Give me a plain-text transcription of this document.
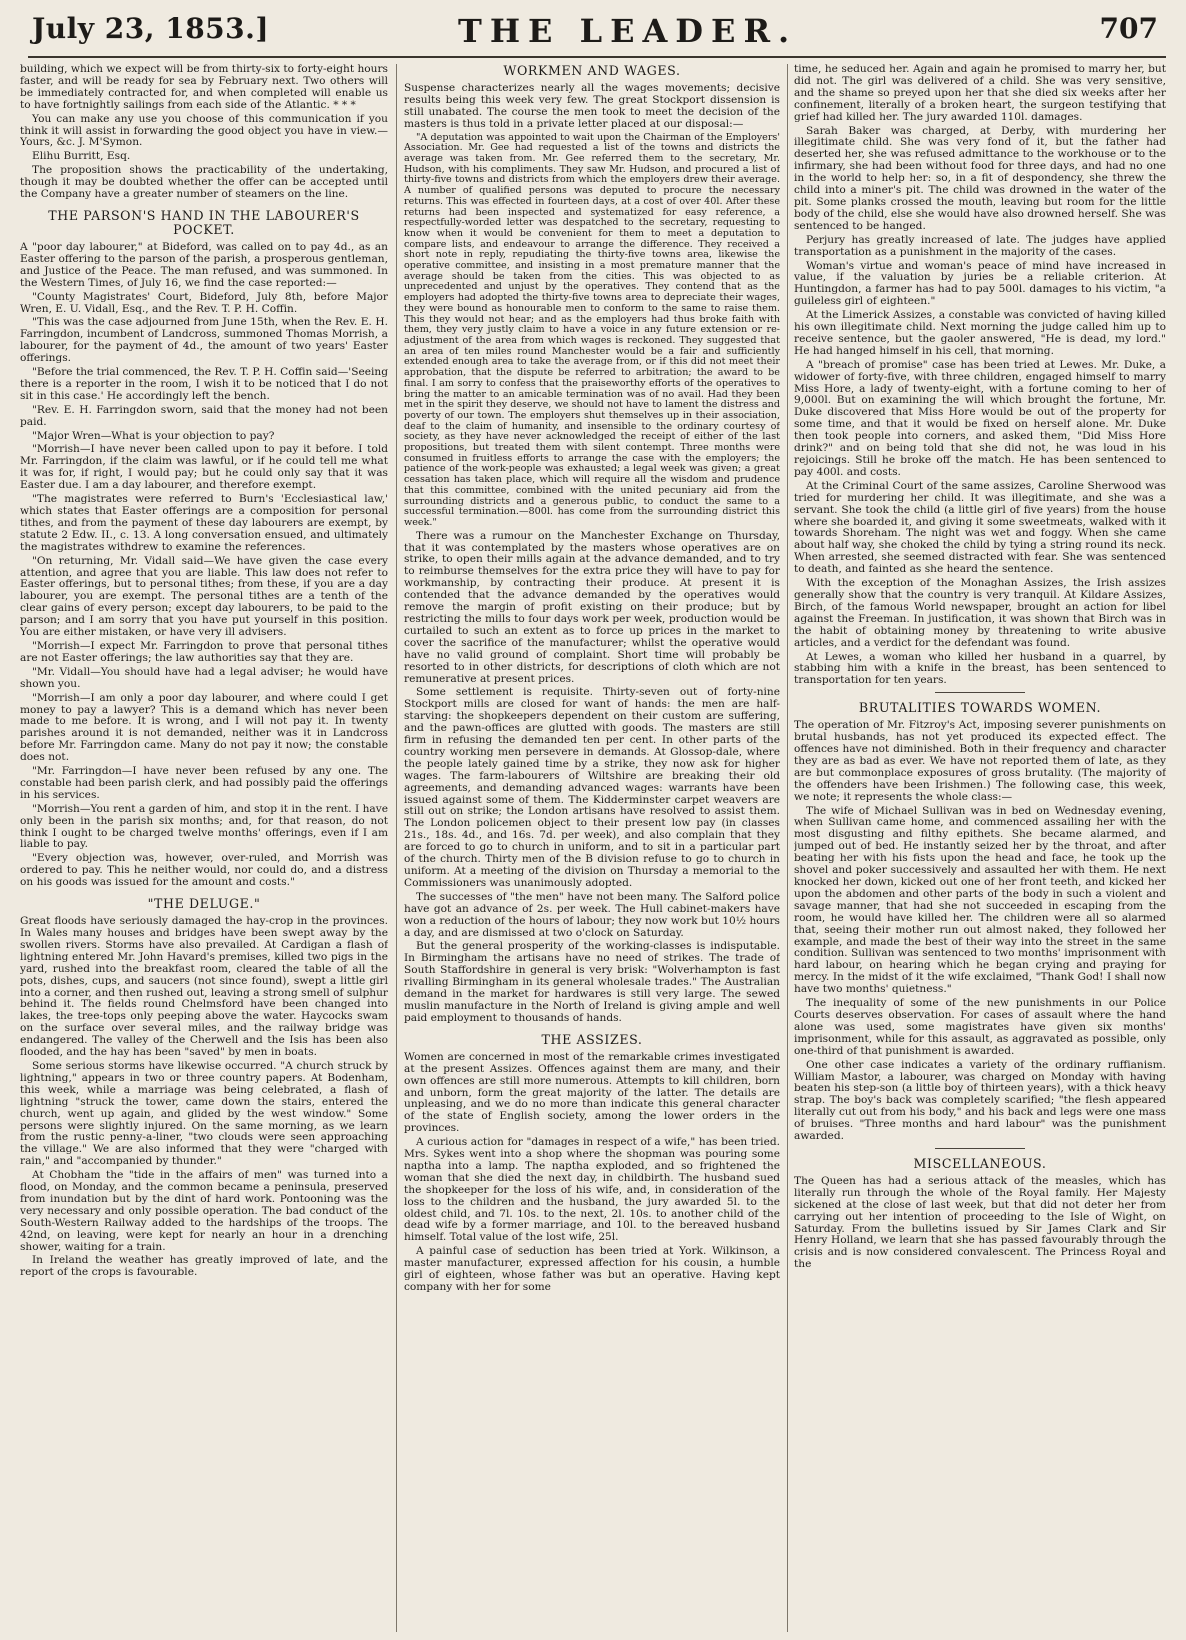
July 23, 1853.]	THE LEADER.	707

building, which we expect will be from thirty-six to forty-eight hours faster, and will be ready for sea by February next. Two others will be immediately contracted for, and when completed will enable us to have fortnightly sailings from each side of the Atlantic. * * *

You can make any use you choose of this communication if you think it will assist in forwarding the good object you have in view.—Yours, &c. J. M'Symon.

Elihu Burritt, Esq.

The proposition shows the practicability of the undertaking, though it may be doubted whether the offer can be accepted until the Company have a greater number of steamers on the line.

THE PARSON'S HAND IN THE LABOURER'S POCKET.

A "poor day labourer," at Bideford, was called on to pay 4d., as an Easter offering to the parson of the parish, a prosperous gentleman, and Justice of the Peace. The man refused, and was summoned. In the Western Times, of July 16, we find the case reported:—

"County Magistrates' Court, Bideford, July 8th, before Major Wren, E. U. Vidall, Esq., and the Rev. T. P. H. Coffin.

"This was the case adjourned from June 15th, when the Rev. E. H. Farringdon, incumbent of Landcross, summoned Thomas Morrish, a labourer, for the payment of 4d., the amount of two years' Easter offerings.

"Before the trial commenced, the Rev. T. P. H. Coffin said—'Seeing there is a reporter in the room, I wish it to be noticed that I do not sit in this case.' He accordingly left the bench.

"Rev. E. H. Farringdon sworn, said that the money had not been paid.

"Major Wren—What is your objection to pay?

"Morrish—I have never been called upon to pay it before. I told Mr. Farringdon, if the claim was lawful, or if he could tell me what it was for, if right, I would pay; but he could only say that it was Easter due. I am a day labourer, and therefore exempt.

"The magistrates were referred to Burn's 'Ecclesiastical law,' which states that Easter offerings are a composition for personal tithes, and from the payment of these day labourers are exempt, by statute 2 Edw. II., c. 13. A long conversation ensued, and ultimately the magistrates withdrew to examine the references.

"On returning, Mr. Vidall said—We have given the case every attention, and agree that you are liable. This law does not refer to Easter offerings, but to personal tithes; from these, if you are a day labourer, you are exempt. The personal tithes are a tenth of the clear gains of every person; except day labourers, to be paid to the parson; and I am sorry that you have put yourself in this position. You are either mistaken, or have very ill advisers.

"Morrish—I expect Mr. Farringdon to prove that personal tithes are not Easter offerings; the law authorities say that they are.

"Mr. Vidall—You should have had a legal adviser; he would have shown you.

"Morrish—I am only a poor day labourer, and where could I get money to pay a lawyer? This is a demand which has never been made to me before. It is wrong, and I will not pay it. In twenty parishes around it is not demanded, neither was it in Landcross before Mr. Farringdon came. Many do not pay it now; the constable does not.

"Mr. Farringdon—I have never been refused by any one. The constable had been parish clerk, and had possibly paid the offerings in his services.

"Morrish—You rent a garden of him, and stop it in the rent. I have only been in the parish six months; and, for that reason, do not think I ought to be charged twelve months' offerings, even if I am liable to pay.

"Every objection was, however, over-ruled, and Morrish was ordered to pay. This he neither would, nor could do, and a distress on his goods was issued for the amount and costs."

"THE DELUGE."

Great floods have seriously damaged the hay-crop in the provinces. In Wales many houses and bridges have been swept away by the swollen rivers. Storms have also prevailed. At Cardigan a flash of lightning entered Mr. John Havard's premises, killed two pigs in the yard, rushed into the breakfast room, cleared the table of all the pots, dishes, cups, and saucers (not since found), swept a little girl into a corner, and then rushed out, leaving a strong smell of sulphur behind it. The fields round Chelmsford have been changed into lakes, the tree-tops only peeping above the water. Haycocks swam on the surface over several miles, and the railway bridge was endangered. The valley of the Cherwell and the Isis has been also flooded, and the hay has been "saved" by men in boats.

Some serious storms have likewise occurred. "A church struck by lightning," appears in two or three country papers. At Bodenham, this week, while a marriage was being celebrated, a flash of lightning "struck the tower, came down the stairs, entered the church, went up again, and glided by the west window." Some persons were slightly injured. On the same morning, as we learn from the rustic penny-a-liner, "two clouds were seen approaching the village." We are also informed that they were "charged with rain," and "accompanied by thunder."

At Chobham the "tide in the affairs of men" was turned into a flood, on Monday, and the common became a peninsula, preserved from inundation but by the dint of hard work. Pontooning was the very necessary and only possible operation. The bad conduct of the South-Western Railway added to the hardships of the troops. The 42nd, on leaving, were kept for nearly an hour in a drenching shower, waiting for a train.

In Ireland the weather has greatly improved of late, and the report of the crops is favourable.

WORKMEN AND WAGES.

Suspense characterizes nearly all the wages movements; decisive results being this week very few. The great Stockport dissension is still unabated. The course the men took to meet the decision of the masters is thus told in a private letter placed at our disposal:—

"A deputation was appointed to wait upon the Chairman of the Employers' Association. Mr. Gee had requested a list of the towns and districts the average was taken from. Mr. Gee referred them to the secretary, Mr. Hudson, with his compliments. They saw Mr. Hudson, and procured a list of thirty-five towns and districts from which the employers drew their average. A number of qualified persons was deputed to procure the necessary returns. This was effected in fourteen days, at a cost of over 40l. After these returns had been inspected and systematized for easy reference, a respectfully-worded letter was despatched to the secretary, requesting to know when it would be convenient for them to meet a deputation to compare lists, and endeavour to arrange the difference. They received a short note in reply, repudiating the thirty-five towns area, likewise the operative committee, and insisting in a most premature manner that the average should be taken from the cities. This was objected to as unprecedented and unjust by the operatives. They contend that as the employers had adopted the thirty-five towns area to depreciate their wages, they were bound as honourable men to conform to the same to raise them. This they would not hear; and as the employers had thus broke faith with them, they very justly claim to have a voice in any future extension or re-adjustment of the area from which wages is reckoned. They suggested that an area of ten miles round Manchester would be a fair and sufficiently extended enough area to take the average from, or if this did not meet their approbation, that the dispute be referred to arbitration; the award to be final. I am sorry to confess that the praiseworthy efforts of the operatives to bring the matter to an amicable termination was of no avail. Had they been met in the spirit they deserve, we should not have to lament the distress and poverty of our town. The employers shut themselves up in their association, deaf to the claim of humanity, and insensible to the ordinary courtesy of society, as they have never acknowledged the receipt of either of the last propositions, but treated them with silent contempt. Three months were consumed in fruitless efforts to arrange the case with the employers; the patience of the work-people was exhausted; a legal week was given; a great cessation has taken place, which will require all the wisdom and prudence that this committee, combined with the united pecuniary aid from the surrounding districts and a generous public, to conduct the same to a successful termination.—800l. has come from the surrounding district this week."

There was a rumour on the Manchester Exchange on Thursday, that it was contemplated by the masters whose operatives are on strike, to open their mills again at the advance demanded, and to try to reimburse themselves for the extra price they will have to pay for workmanship, by contracting their produce. At present it is contended that the advance demanded by the operatives would remove the margin of profit existing on their produce; but by restricting the mills to four days work per week, production would be curtailed to such an extent as to force up prices in the market to cover the sacrifice of the manufacturer; whilst the operative would have no valid ground of complaint. Short time will probably be resorted to in other districts, for descriptions of cloth which are not remunerative at present prices.

Some settlement is requisite. Thirty-seven out of forty-nine Stockport mills are closed for want of hands: the men are half-starving: the shopkeepers dependent on their custom are suffering, and the pawn-offices are glutted with goods. The masters are still firm in refusing the demanded ten per cent. In other parts of the country working men persevere in demands. At Glossop-dale, where the people lately gained time by a strike, they now ask for higher wages. The farm-labourers of Wiltshire are breaking their old agreements, and demanding advanced wages: warrants have been issued against some of them. The Kidderminster carpet weavers are still out on strike; the London artisans have resolved to assist them. The London policemen object to their present low pay (in classes 21s., 18s. 4d., and 16s. 7d. per week), and also complain that they are forced to go to church in uniform, and to sit in a particular part of the church. Thirty men of the B division refuse to go to church in uniform. At a meeting of the division on Thursday a memorial to the Commissioners was unanimously adopted.

The successes of "the men" have not been many. The Salford police have got an advance of 2s. per week. The Hull cabinet-makers have won a reduction of the hours of labour; they now work but 10½ hours a day, and are dismissed at two o'clock on Saturday.

But the general prosperity of the working-classes is indisputable. In Birmingham the artisans have no need of strikes. The trade of South Staffordshire in general is very brisk: "Wolverhampton is fast rivalling Birmingham in its general wholesale trades." The Australian demand in the market for hardwares is still very large. The sewed muslin manufacture in the North of Ireland is giving ample and well paid employment to thousands of hands.

THE ASSIZES.

Women are concerned in most of the remarkable crimes investigated at the present Assizes. Offences against them are many, and their own offences are still more numerous. Attempts to kill children, born and unborn, form the great majority of the latter. The details are unpleasing, and we do no more than indicate this general character of the state of English society, among the lower orders in the provinces.

A curious action for "damages in respect of a wife," has been tried. Mrs. Sykes went into a shop where the shopman was pouring some naptha into a lamp. The naptha exploded, and so frightened the woman that she died the next day, in childbirth. The husband sued the shopkeeper for the loss of his wife, and, in consideration of the loss to the children and the husband, the jury awarded 5l. to the oldest child, and 7l. 10s. to the next, 2l. 10s. to another child of the dead wife by a former marriage, and 10l. to the bereaved husband himself. Total value of the lost wife, 25l.

A painful case of seduction has been tried at York. Wilkinson, a master manufacturer, expressed affection for his cousin, a humble girl of eighteen, whose father was but an operative. Having kept company with her for some

time, he seduced her. Again and again he promised to marry her, but did not. The girl was delivered of a child. She was very sensitive, and the shame so preyed upon her that she died six weeks after her confinement, literally of a broken heart, the surgeon testifying that grief had killed her. The jury awarded 110l. damages.

Sarah Baker was charged, at Derby, with murdering her illegitimate child. She was very fond of it, but the father had deserted her, she was refused admittance to the workhouse or to the infirmary, she had been without food for three days, and had no one in the world to help her: so, in a fit of despondency, she threw the child into a miner's pit. The child was drowned in the water of the pit. Some planks crossed the mouth, leaving but room for the little body of the child, else she would have also drowned herself. She was sentenced to be hanged.

Perjury has greatly increased of late. The judges have applied transportation as a punishment in the majority of the cases.

Woman's virtue and woman's peace of mind have increased in value, if the valuation by juries be a reliable criterion. At Huntingdon, a farmer has had to pay 500l. damages to his victim, "a guileless girl of eighteen."

At the Limerick Assizes, a constable was convicted of having killed his own illegitimate child. Next morning the judge called him up to receive sentence, but the gaoler answered, "He is dead, my lord." He had hanged himself in his cell, that morning.

A "breach of promise" case has been tried at Lewes. Mr. Duke, a widower of forty-five, with three children, engaged himself to marry Miss Hore, a lady of twenty-eight, with a fortune coming to her of 9,000l. But on examining the will which brought the fortune, Mr. Duke discovered that Miss Hore would be out of the property for some time, and that it would be fixed on herself alone. Mr. Duke then took people into corners, and asked them, "Did Miss Hore drink?" and on being told that she did not, he was loud in his rejoicings. Still he broke off the match. He has been sentenced to pay 400l. and costs.

At the Criminal Court of the same assizes, Caroline Sherwood was tried for murdering her child. It was illegitimate, and she was a servant. She took the child (a little girl of five years) from the house where she boarded it, and giving it some sweetmeats, walked with it towards Shoreham. The night was wet and foggy. When she came about half way, she choked the child by tying a string round its neck. When arrested, she seemed distracted with fear. She was sentenced to death, and fainted as she heard the sentence.

With the exception of the Monaghan Assizes, the Irish assizes generally show that the country is very tranquil. At Kildare Assizes, Birch, of the famous World newspaper, brought an action for libel against the Freeman. In justification, it was shown that Birch was in the habit of obtaining money by threatening to write abusive articles, and a verdict for the defendant was found.

At Lewes, a woman who killed her husband in a quarrel, by stabbing him with a knife in the breast, has been sentenced to transportation for ten years.

BRUTALITIES TOWARDS WOMEN.

The operation of Mr. Fitzroy's Act, imposing severer punishments on brutal husbands, has not yet produced its expected effect. The offences have not diminished. Both in their frequency and character they are as bad as ever. We have not reported them of late, as they are but commonplace exposures of gross brutality. (The majority of the offenders have been Irishmen.) The following case, this week, we note; it represents the whole class:—

The wife of Michael Sullivan was in bed on Wednesday evening, when Sullivan came home, and commenced assailing her with the most disgusting and filthy epithets. She became alarmed, and jumped out of bed. He instantly seized her by the throat, and after beating her with his fists upon the head and face, he took up the shovel and poker successively and assaulted her with them. He next knocked her down, kicked out one of her front teeth, and kicked her upon the abdomen and other parts of the body in such a violent and savage manner, that had she not succeeded in escaping from the room, he would have killed her. The children were all so alarmed that, seeing their mother run out almost naked, they followed her example, and made the best of their way into the street in the same condition. Sullivan was sentenced to two months' imprisonment with hard labour, on hearing which he began crying and praying for mercy. In the midst of it the wife exclaimed, "Thank God! I shall now have two months' quietness."

The inequality of some of the new punishments in our Police Courts deserves observation. For cases of assault where the hand alone was used, some magistrates have given six months' imprisonment, while for this assault, as aggravated as possible, only one-third of that punishment is awarded.

One other case indicates a variety of the ordinary ruffianism. William Mastor, a labourer, was charged on Monday with having beaten his step-son (a little boy of thirteen years), with a thick heavy strap. The boy's back was completely scarified; "the flesh appeared literally cut out from his body," and his back and legs were one mass of bruises. "Three months and hard labour" was the punishment awarded.

MISCELLANEOUS.

The Queen has had a serious attack of the measles, which has literally run through the whole of the Royal family. Her Majesty sickened at the close of last week, but that did not deter her from carrying out her intention of proceeding to the Isle of Wight, on Saturday. From the bulletins issued by Sir James Clark and Sir Henry Holland, we learn that she has passed favourably through the crisis and is now considered convalescent. The Princess Royal and the
